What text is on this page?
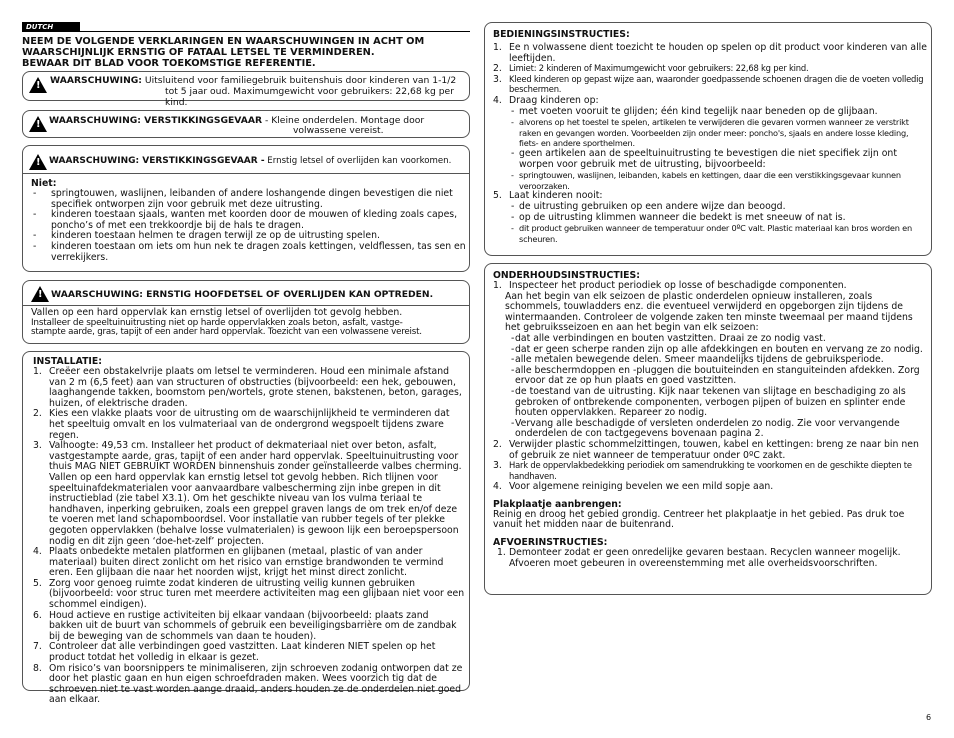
DUTCH
NEEM DE VOLGENDE VERKLARINGEN EN WAARSCHUWINGEN IN ACHT OM
WAARSCHIJNLIJK ERNSTIG OF FATAAL LETSEL TE VERMINDEREN.
BEWAAR DIT BLAD VOOR TOEKOMSTIGE REFERENTIE.
!
WAARSCHUWING: Uitsluitend voor familiegebruik buitenshuis door kinderen van 1-1/2
tot 5 jaar oud. Maximumgewicht voor gebruikers: 22,68 kg per kind.
!
WAARSCHUWING: VERSTIKKINGSGEVAAR - Kleine onderdelen. Montage door
volwassene vereist.
!
WAARSCHUWING: VERSTIKKINGSGEVAAR - Ernstig letsel of overlijden kan voorkomen.
Niet:
- springtouwen, waslijnen, leibanden of andere loshangende dingen bevestigen die niet specifiek ontworpen zijn voor gebruik met deze uitrusting.
- kinderen toestaan sjaals, wanten met koorden door de mouwen of kleding zoals capes, poncho’s of met een trekkoordje bij de hals te dragen.
- kinderen toestaan helmen te dragen terwijl ze op de uitrusting spelen.
- kinderen toestaan om iets om hun nek te dragen zoals kettingen, veldflessen, tas sen en verrekijkers.
!
WAARSCHUWING: ERNSTIG HOOFDETSEL OF OVERLIJDEN KAN OPTREDEN.
Vallen op een hard oppervlak kan ernstig letsel of overlijden tot gevolg hebben.
Installeer de speeltuinuitrusting niet op harde oppervlakken zoals beton, asfalt, vastge-
stampte aarde, gras, tapijt of een ander hard oppervlak. Toezicht van een volwassene vereist.
INSTALLATIE:
1. Creëer een obstakelvrije plaats om letsel te verminderen. Houd een minimale afstand van 2 m (6,5 feet) aan van structuren of obstructies (bijvoorbeeld: een hek, gebouwen, laaghangende takken, boomstom pen/wortels, grote stenen, bakstenen, beton, garages, huizen, of elektrische draden.
2. Kies een vlakke plaats voor de uitrusting om de waarschijnlijkheid te verminderen dat het speeltuig omvalt en los vulmateriaal van de ondergrond wegspoelt tijdens zware regen.
3. Valhoogte: 49,53 cm. Installeer het product of dekmateriaal niet over beton, asfalt, vastgestampte aarde, gras, tapijt of een ander hard oppervlak. Speeltuinuitrusting voor thuis MAG NIET GEBRUIKT WORDEN binnenshuis zonder geïnstalleerde valbes cherming. Vallen op een hard oppervlak kan ernstig letsel tot gevolg hebben. Rich tlijnen voor speeltuinafdekmaterialen voor aanvaardbare valbescherming zijn inbe grepen in dit instructieblad (zie tabel X3.1). Om het geschikte niveau van los vulma teriaal te handhaven, inperking gebruiken, zoals een greppel graven langs de om trek en/of deze te voeren met land schapomboordsel. Voor installatie van rubber tegels of ter plekke gegoten oppervlakken (behalve losse vulmaterialen) is gewoon lijk een beroepspersoon nodig en dit zijn geen ‘doe-het-zelf’ projecten.
4. Plaats onbedekte metalen platformen en glijbanen (metaal, plastic of van ander materiaal) buiten direct zonlicht om het risico van ernstige brandwonden te vermind eren. Een glijbaan die naar het noorden wijst, krijgt het minst direct zonlicht.
5. Zorg voor genoeg ruimte zodat kinderen de uitrusting veilig kunnen gebruiken (bijvoorbeeld: voor struc turen met meerdere activiteiten mag een glijbaan niet voor een schommel eindigen).
6. Houd actieve en rustige activiteiten bij elkaar vandaan (bijvoorbeeld: plaats zand bakken uit de buurt van schommels of gebruik een beveiligingsbarrière om de zandbak bij de beweging van de schommels van daan te houden).
7. Controleer dat alle verbindingen goed vastzitten. Laat kinderen NIET spelen op het product totdat het volledig in elkaar is gezet.
8. Om risico’s van boorsnippers te minimaliseren, zijn schroeven zodanig ontworpen dat ze door het plastic gaan en hun eigen schroefdraden maken. Wees voorzich tig dat de schroeven niet te vast worden aange draaid, anders houden ze de onderdelen niet goed aan elkaar.
BEDIENINGSINSTRUCTIES:
1. Ee n volwassene dient toezicht te houden op spelen op dit product voor kinderen van alle leeftijden.
2. Limiet: 2 kinderen of Maximumgewicht voor gebruikers: 22,68 kg per kind.
3. Kleed kinderen op gepast wijze aan, waaronder goedpassende schoenen dragen die de voeten volledig beschermen.
4. Draag kinderen op:
- met voeten vooruit te glijden; één kind tegelijk naar beneden op de glijbaan.
- alvorens op het toestel te spelen, artikelen te verwijderen die gevaren vormen wanneer ze verstrikt raken en gevangen worden. Voorbeelden zijn onder meer: poncho's, sjaals en andere losse kleding, fiets- en andere sporthelmen.
- geen artikelen aan de speeltuinuitrusting te bevestigen die niet specifiek zijn ont worpen voor gebruik met de uitrusting, bijvoorbeeld:
- springtouwen, waslijnen, leibanden, kabels en kettingen, daar die een verstikkingsgevaar kunnen veroorzaken.
5. Laat kinderen nooit:
- de uitrusting gebruiken op een andere wijze dan beoogd.
- op de uitrusting klimmen wanneer die bedekt is met sneeuw of nat is.
- dit product gebruiken wanneer de temperatuur onder 0ºC valt. Plastic materiaal kan bros worden en scheuren.
ONDERHOUDSINSTRUCTIES:
1. Inspecteer het product periodiek op losse of beschadigde componenten.
Aan het begin van elk seizoen de plastic onderdelen opnieuw installeren, zoals schommels, touwladders enz. die eventueel verwijderd en opgeborgen zijn tijdens de wintermaanden. Controleer de volgende zaken ten minste tweemaal per maand tijdens het gebruiksseizoen en aan het begin van elk seizoen:
- dat alle verbindingen en bouten vastzitten. Draai ze zo nodig vast.
- dat er geen scherpe randen zijn op alle afdekkingen en bouten en vervang ze zo nodig.
- alle metalen bewegende delen. Smeer maandelijks tijdens de gebruiksperiode.
- alle beschermdoppen en -pluggen die boutuiteinden en stanguiteinden afdekken. Zorg ervoor dat ze op hun plaats en goed vastzitten.
- de toestand van de uitrusting. Kijk naar tekenen van slijtage en beschadiging zo als gebroken of ontbrekende componenten, verbogen pijpen of buizen en splinter ende houten oppervlakken. Repareer zo nodig.
- Vervang alle beschadigde of versleten onderdelen zo nodig. Zie voor vervangende onderdelen de con tactgegevens bovenaan pagina 2.
2. Verwijder plastic schommelzittingen, touwen, kabel en kettingen: breng ze naar bin nen of gebruik ze niet wanneer de temperatuur onder 0ºC zakt.
3. Hark de oppervlakbedekking periodiek om samendrukking te voorkomen en de geschikte diepten te handhaven.
4. Voor algemene reiniging bevelen we een mild sopje aan.
Plakplaatje aanbrengen:
Reinig en droog het gebied grondig. Centreer het plakplaatje in het gebied. Pas druk toe vanuit het midden naar de buitenrand.
AFVOERINSTRUCTIES:
1. Demonteer zodat er geen onredelijke gevaren bestaan. Recyclen wanneer mogelijk. Afvoeren moet gebeuren in overeenstemming met alle overheidsvoorschriften.
6
